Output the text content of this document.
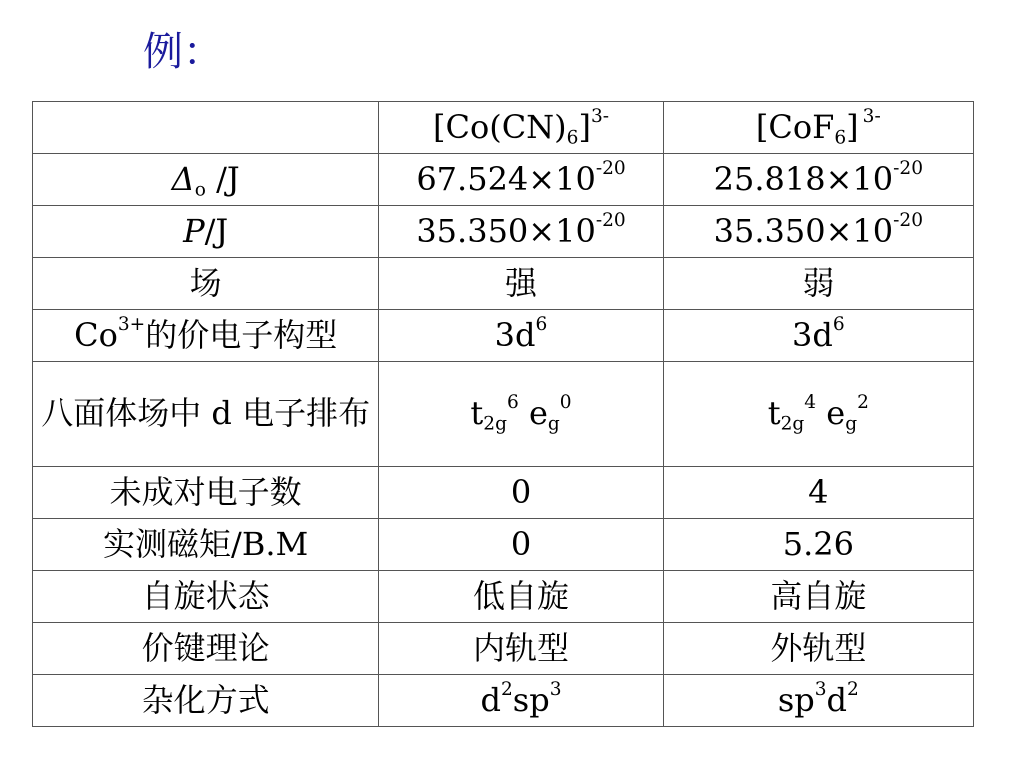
例：
	$[Co(CN)_6]^{3-}$	[CoF$_6$] $^{3-}$
$\Delta_o$ /J	$67.524\times 10^{-20}$	$25.818\times 10^{-20}$
P/J	$35.350\times 10^{-20}$	$35.350\times 10^{-20}$
场	强	弱
$Co^{3+}$的价电子构型	$3d^6$	$3d^6$
八面体场中 d 电子排布	$t_{2g}^6$ $e_g^0$	$t_{2g}^4$ $e_g^2$
未成对电子数	0	4
实测磁矩/B.M	0	5.26
自旋状态	低自旋	高自旋
价键理论	内轨型	外轨型
杂化方式	$d^2sp^3$	$sp^3d^2$
